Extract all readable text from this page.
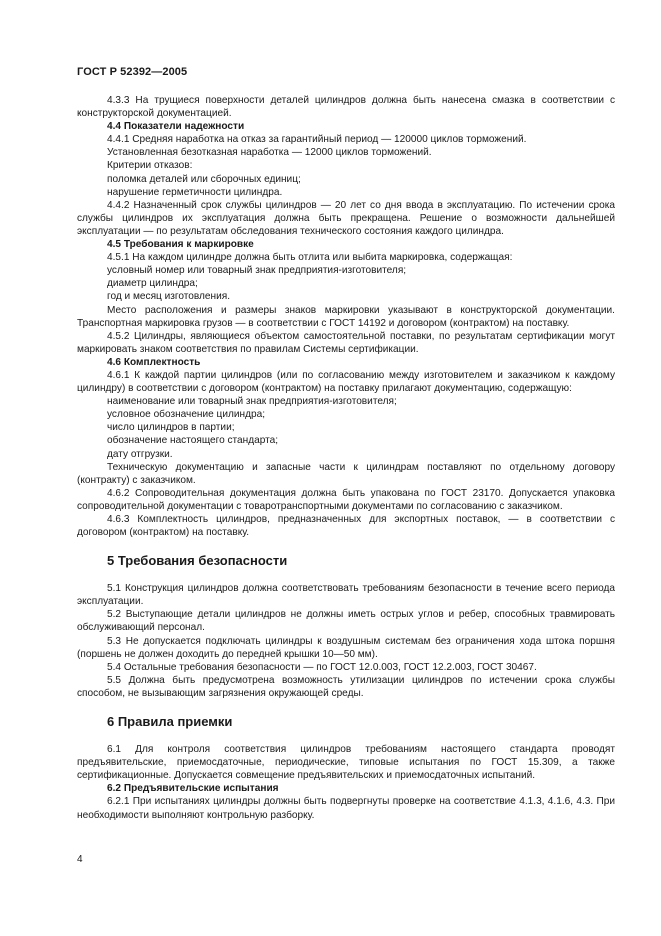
ГОСТ Р 52392—2005

4.3.3 На трущиеся поверхности деталей цилиндров должна быть нанесена смазка в соответствии с конструкторской документацией.

4.4 Показатели надежности

4.4.1 Средняя наработка на отказ за гарантийный период — 120000 циклов торможений.

Установленная безотказная наработка — 12000 циклов торможений.

Критерии отказов:

поломка деталей или сборочных единиц;

нарушение герметичности цилиндра.

4.4.2 Назначенный срок службы цилиндров — 20 лет со дня ввода в эксплуатацию. По истечении срока службы цилиндров их эксплуатация должна быть прекращена. Решение о возможности дальнейшей эксплуатации — по результатам обследования технического состояния каждого цилиндра.

4.5 Требования к маркировке

4.5.1 На каждом цилиндре должна быть отлита или выбита маркировка, содержащая:

условный номер или товарный знак предприятия-изготовителя;

диаметр цилиндра;

год и месяц изготовления.

Место расположения и размеры знаков маркировки указывают в конструкторской документации. Транспортная маркировка грузов — в соответствии с ГОСТ 14192 и договором (контрактом) на поставку.

4.5.2 Цилиндры, являющиеся объектом самостоятельной поставки, по результатам сертификации могут маркировать знаком соответствия по правилам Системы сертификации.

4.6 Комплектность

4.6.1 К каждой партии цилиндров (или по согласованию между изготовителем и заказчиком к каждому цилиндру) в соответствии с договором (контрактом) на поставку прилагают документацию, содержащую:

наименование или товарный знак предприятия-изготовителя;

условное обозначение цилиндра;

число цилиндров в партии;

обозначение настоящего стандарта;

дату отгрузки.

Техническую документацию и запасные части к цилиндрам поставляют по отдельному договору (контракту) с заказчиком.

4.6.2 Сопроводительная документация должна быть упакована по ГОСТ 23170. Допускается упаковка сопроводительной документации с товаротранспортными документами по согласованию с заказчиком.

4.6.3 Комплектность цилиндров, предназначенных для экспортных поставок, — в соответствии с договором (контрактом) на поставку.

5 Требования безопасности

5.1 Конструкция цилиндров должна соответствовать требованиям безопасности в течение всего периода эксплуатации.

5.2 Выступающие детали цилиндров не должны иметь острых углов и ребер, способных травмировать обслуживающий персонал.

5.3 Не допускается подключать цилиндры к воздушным системам без ограничения хода штока поршня (поршень не должен доходить до передней крышки 10—50 мм).

5.4 Остальные требования безопасности — по ГОСТ 12.0.003, ГОСТ 12.2.003, ГОСТ 30467.

5.5 Должна быть предусмотрена возможность утилизации цилиндров по истечении срока службы способом, не вызывающим загрязнения окружающей среды.

6 Правила приемки

6.1 Для контроля соответствия цилиндров требованиям настоящего стандарта проводят предъявительские, приемосдаточные, периодические, типовые испытания по ГОСТ 15.309, а также сертификационные. Допускается совмещение предъявительских и приемосдаточных испытаний.

6.2 Предъявительские испытания

6.2.1 При испытаниях цилиндры должны быть подвергнуты проверке на соответствие 4.1.3, 4.1.6, 4.3. При необходимости выполняют контрольную разборку.

4
